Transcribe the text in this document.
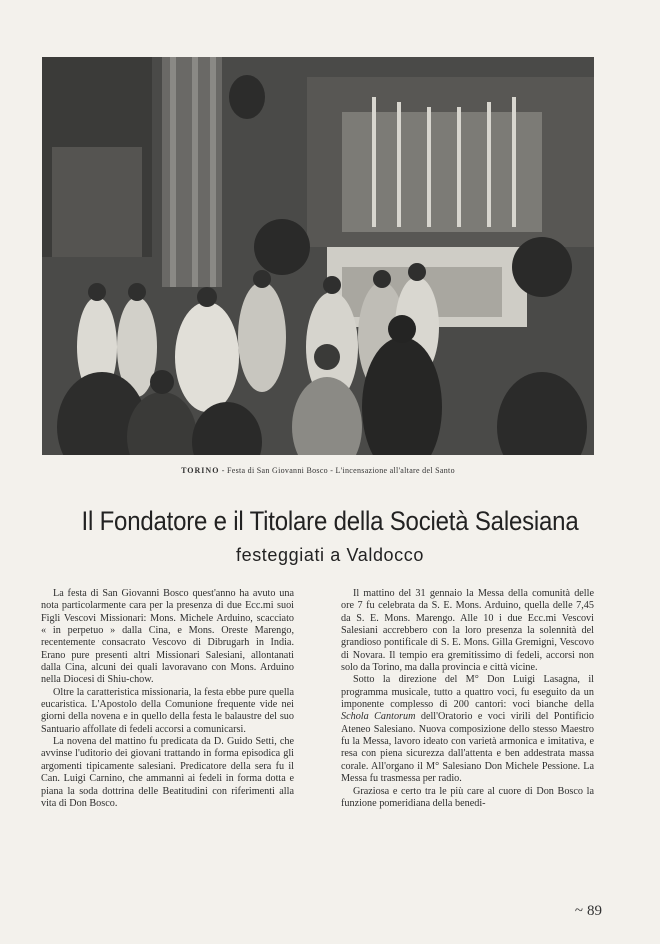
TORINO - Festa di San Giovanni Bosco - L'incensazione all'altare del Santo
Il Fondatore e il Titolare della Società Salesiana
festeggiati a Valdocco

La festa di San Giovanni Bosco quest'anno ha avuto una nota particolarmente cara per la presenza di due Ecc.mi suoi Figli Vescovi Missionari: Mons. Michele Arduino, scacciato « in perpetuo » dalla Cina, e Mons. Oreste Marengo, recentemente consacrato Vescovo di Dibrugarh in India. Erano pure presenti altri Missionari Salesiani, allontanati dalla Cina, alcuni dei quali lavoravano con Mons. Arduino nella Diocesi di Shiu-chow.

Oltre la caratteristica missionaria, la festa ebbe pure quella eucaristica. L'Apostolo della Comunione frequente vide nei giorni della novena e in quello della festa le balaustre del suo Santuario affollate di fedeli accorsi a comunicarsi.

La novena del mattino fu predicata da D. Guido Setti, che avvinse l'uditorio dei giovani trattando in forma episodica gli argomenti tipicamente salesiani. Predicatore della sera fu il Can. Luigi Carnino, che ammannì ai fedeli in forma dotta e piana la soda dottrina delle Beatitudini con riferimenti alla vita di Don Bosco.

Il mattino del 31 gennaio la Messa della comunità delle ore 7 fu celebrata da S. E. Mons. Arduino, quella delle 7,45 da S. E. Mons. Marengo. Alle 10 i due Ecc.mi Vescovi Salesiani accrebbero con la loro presenza la solennità del grandioso pontificale di S. E. Mons. Gilla Gremigni, Vescovo di Novara. Il tempio era gremitissimo di fedeli, accorsi non solo da Torino, ma dalla provincia e città vicine.

Sotto la direzione del M° Don Luigi Lasagna, il programma musicale, tutto a quattro voci, fu eseguito da un imponente complesso di 200 cantori: voci bianche della Schola Cantorum dell'Oratorio e voci virili del Pontificio Ateneo Salesiano. Nuova composizione dello stesso Maestro fu la Messa, lavoro ideato con varietà armonica e imitativa, e resa con piena sicurezza dall'attenta e ben addestrata massa corale. All'organo il M° Salesiano Don Michele Pessione. La Messa fu trasmessa per radio.

Graziosa e certo tra le più care al cuore di Don Bosco la funzione pomeridiana della benedi-

~ 89
